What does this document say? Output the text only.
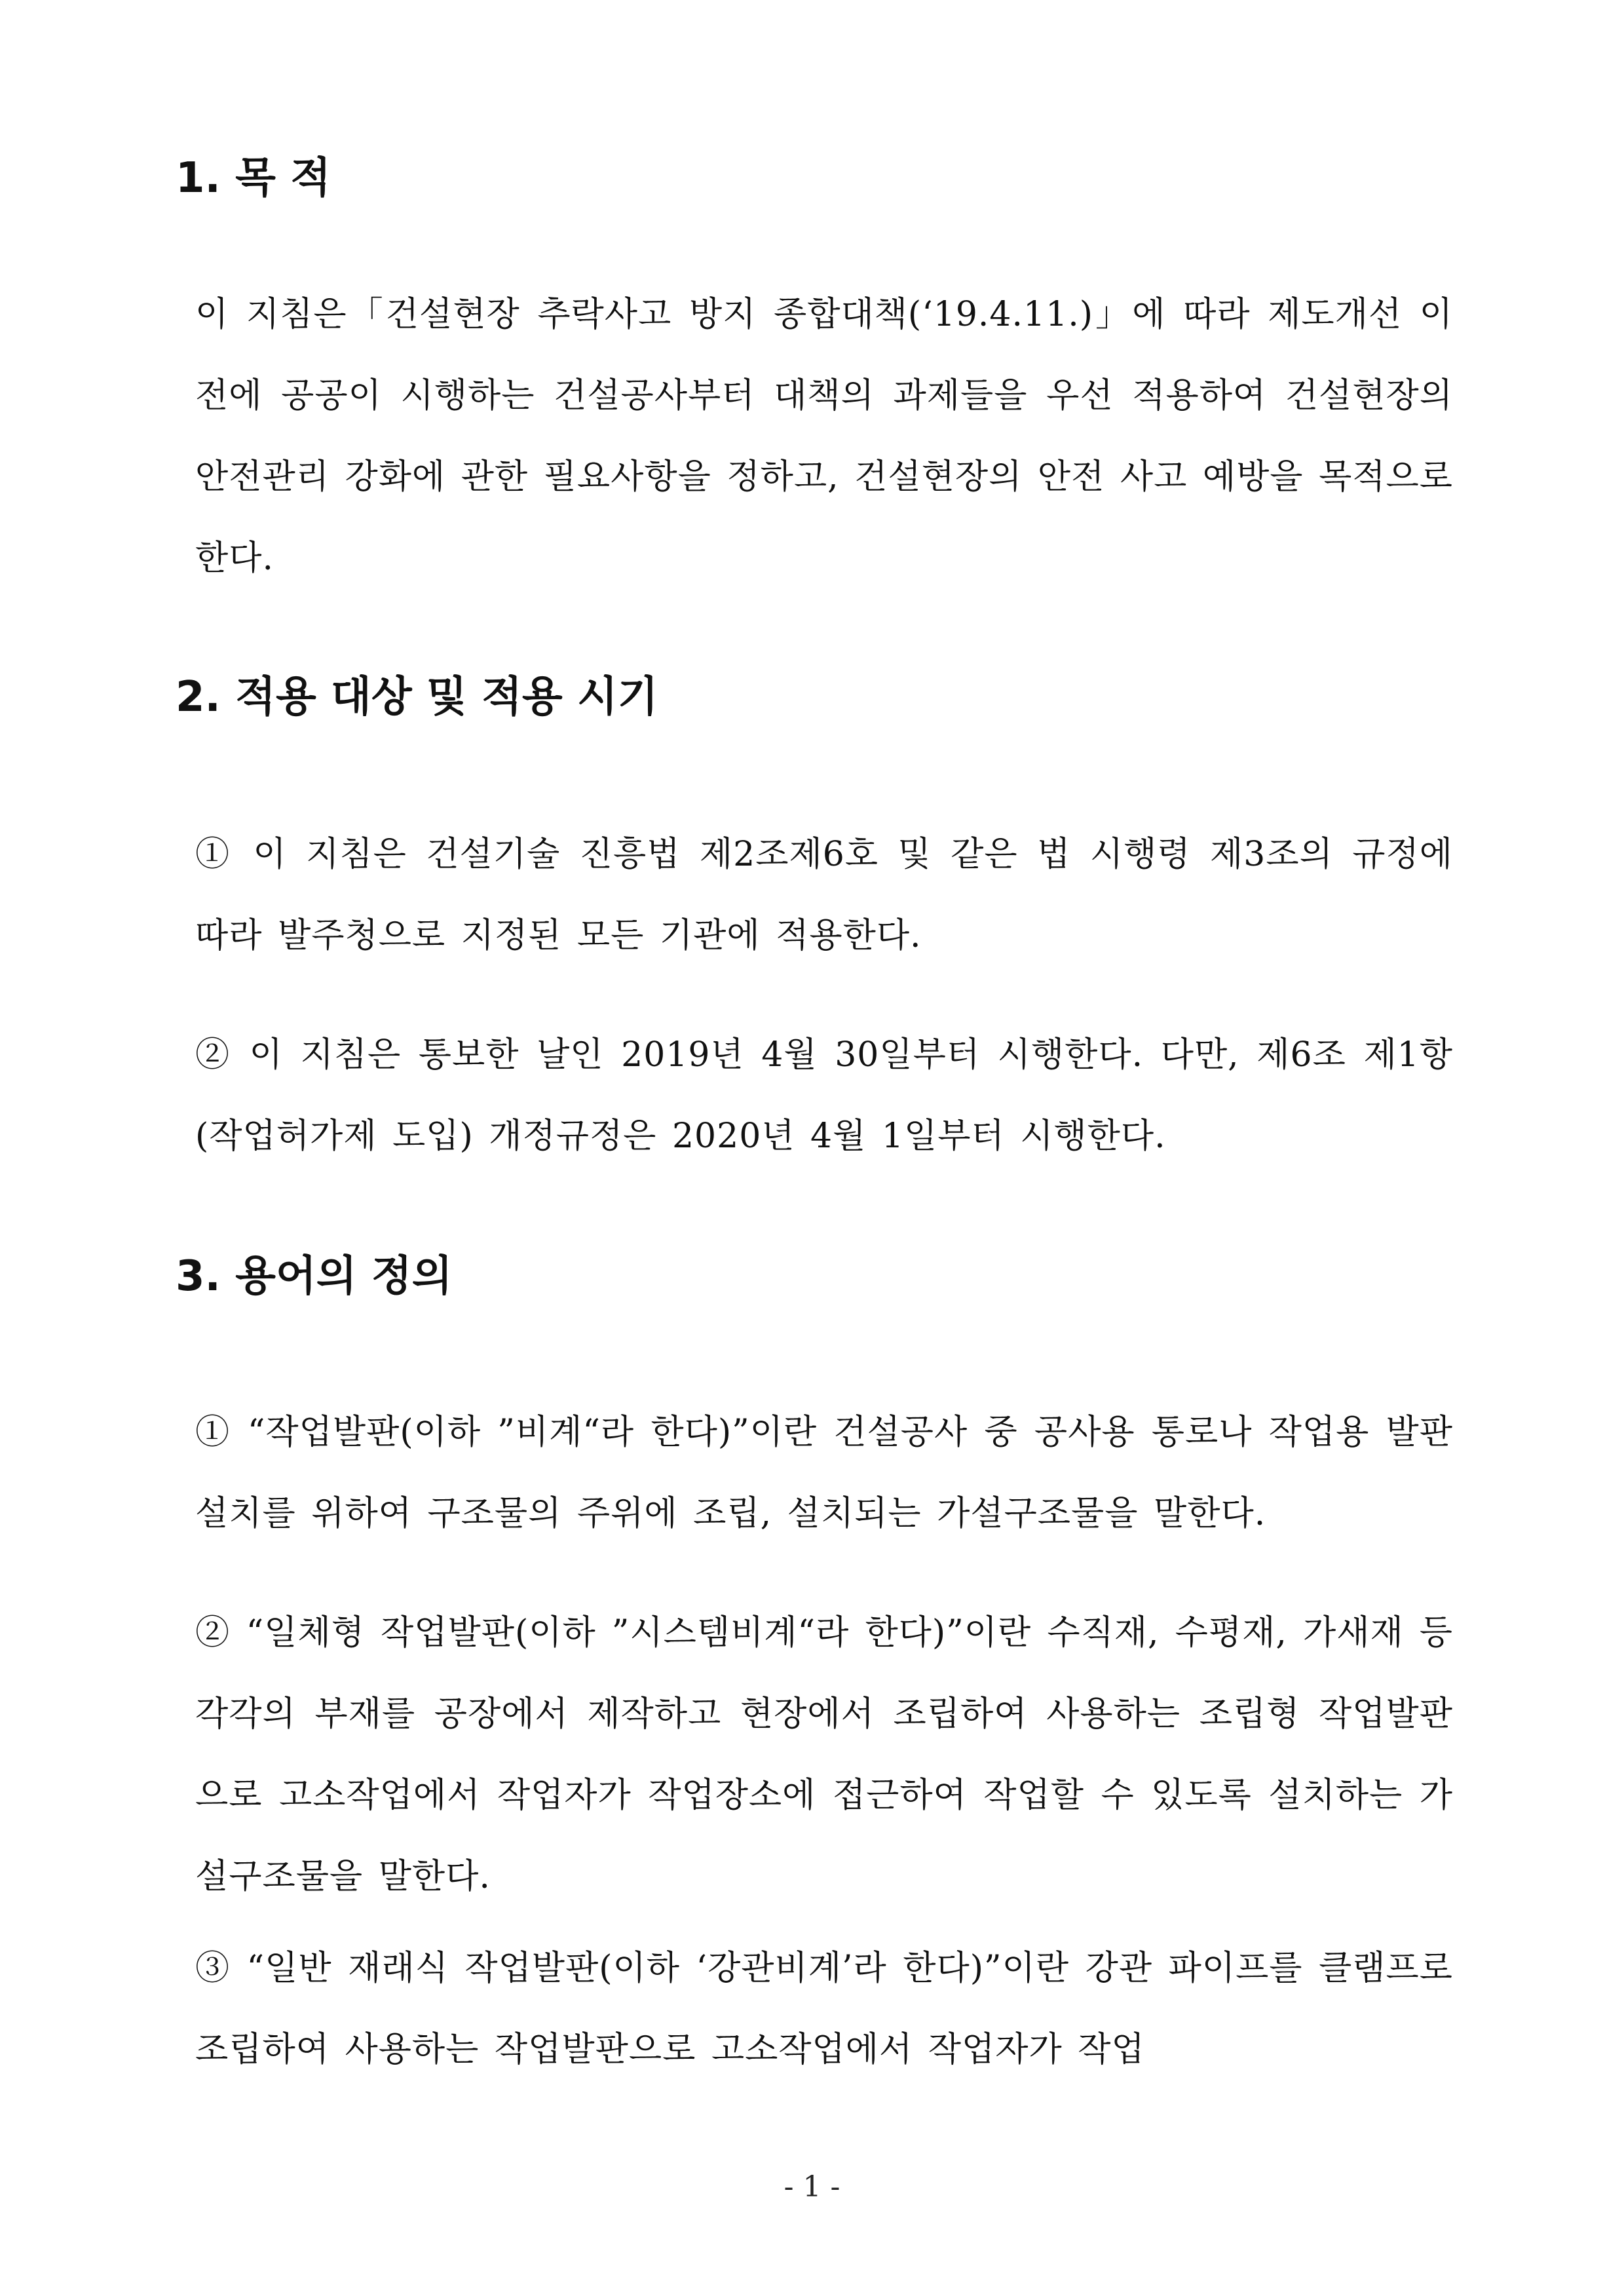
1. 목 적

이 지침은「건설현장 추락사고 방지 종합대책(‘19.4.11.)」에 따라 제도개선 이전에 공공이 시행하는 건설공사부터 대책의 과제들을 우선 적용하여 건설현장의 안전관리 강화에 관한 필요사항을 정하고, 건설현장의 안전 사고 예방을 목적으로 한다.

2. 적용 대상 및 적용 시기

① 이 지침은 건설기술 진흥법 제2조제6호 및 같은 법 시행령 제3조의 규정에 따라 발주청으로 지정된 모든 기관에 적용한다.

② 이 지침은 통보한 날인 2019년 4월 30일부터 시행한다. 다만, 제6조 제1항(작업허가제 도입) 개정규정은 2020년 4월 1일부터 시행한다.

3. 용어의 정의

① “작업발판(이하 ”비계“라 한다)”이란 건설공사 중 공사용 통로나 작업용 발판 설치를 위하여 구조물의 주위에 조립, 설치되는 가설구조물을 말한다.

② “일체형 작업발판(이하 ”시스템비계“라 한다)”이란 수직재, 수평재, 가새재 등 각각의 부재를 공장에서 제작하고 현장에서 조립하여 사용하는 조립형 작업발판으로 고소작업에서 작업자가 작업장소에 접근하여 작업할 수 있도록 설치하는 가설구조물을 말한다.

③ “일반 재래식 작업발판(이하 ‘강관비계’라 한다)”이란 강관 파이프를 클램프로 조립하여 사용하는 작업발판으로 고소작업에서 작업자가 작업

- 1 -
